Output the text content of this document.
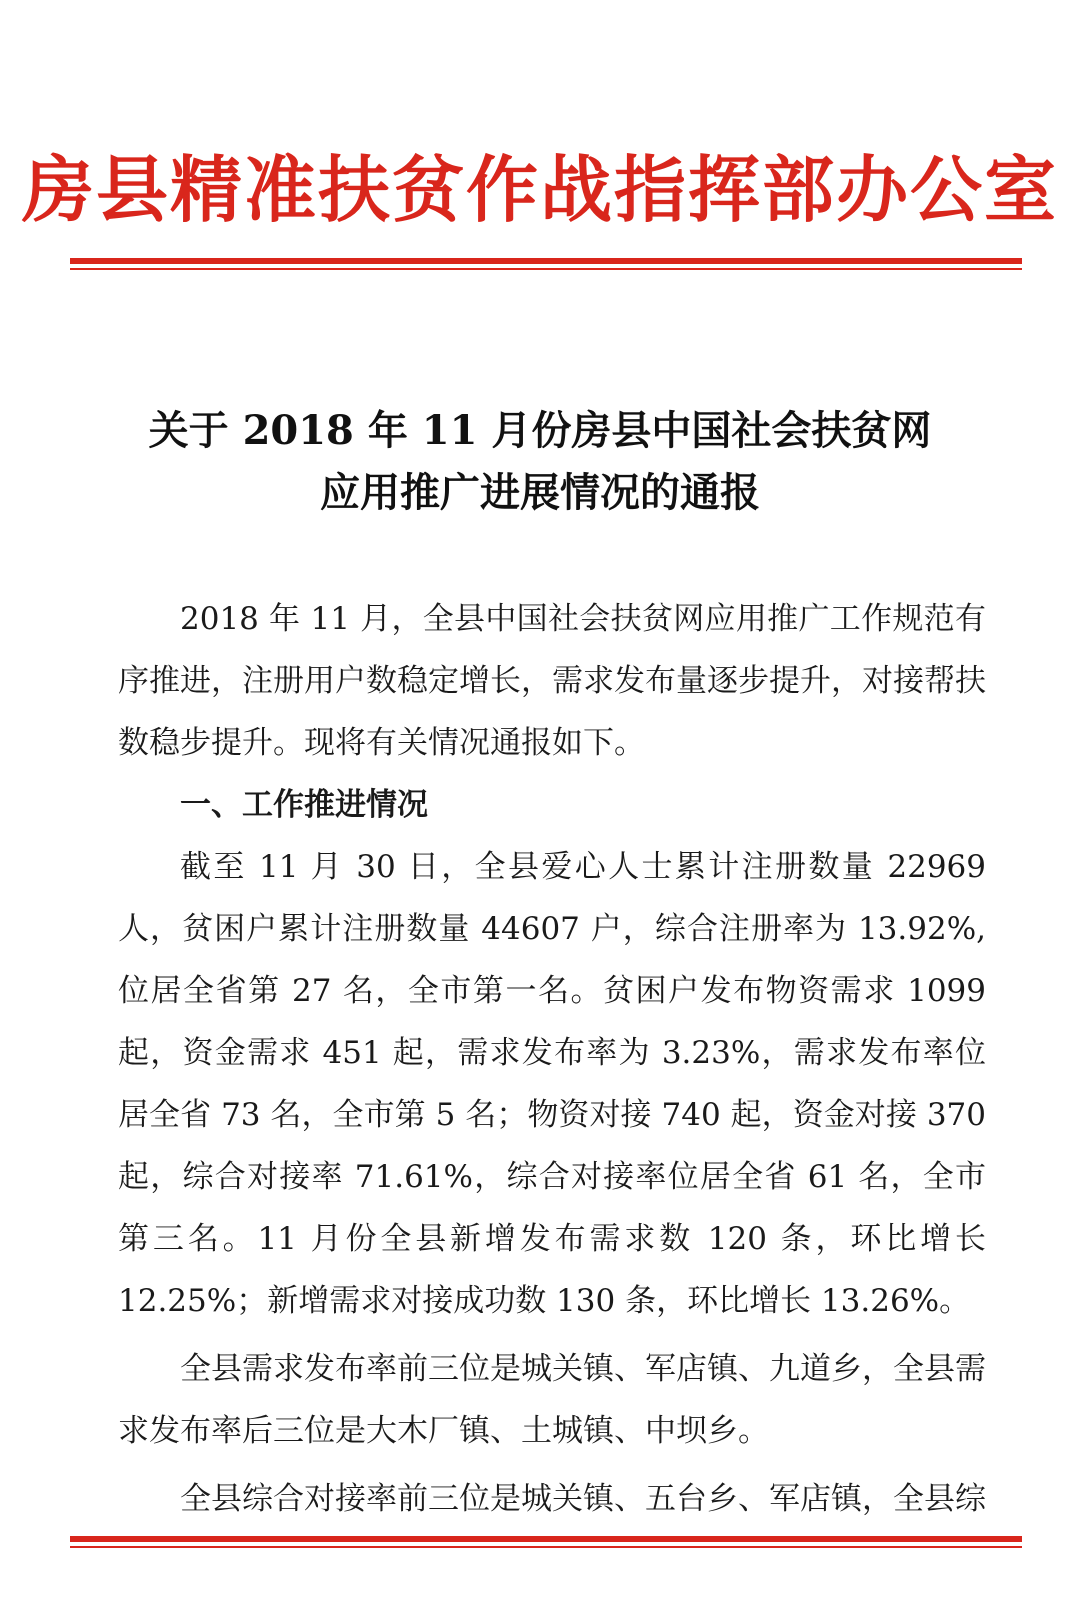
房县精准扶贫作战指挥部办公室
关于 2018 年 11 月份房县中国社会扶贫网
应用推广进展情况的通报

2018 年 11 月，全县中国社会扶贫网应用推广工作规范有序推进，注册用户数稳定增长，需求发布量逐步提升，对接帮扶数稳步提升。现将有关情况通报如下。

一、工作推进情况

截至 11 月 30 日，全县爱心人士累计注册数量 22969 人，贫困户累计注册数量 44607 户，综合注册率为 13.92%,位居全省第 27 名，全市第一名。贫困户发布物资需求 1099 起，资金需求 451 起，需求发布率为 3.23%，需求发布率位居全省 73 名，全市第 5 名；物资对接 740 起，资金对接 370 起，综合对接率 71.61%，综合对接率位居全省 61 名，全市第三名。11 月份全县新增发布需求数 120 条，环比增长 12.25%；新增需求对接成功数 130 条，环比增长 13.26%。

全县需求发布率前三位是城关镇、军店镇、九道乡，全县需求发布率后三位是大木厂镇、土城镇、中坝乡。

全县综合对接率前三位是城关镇、五台乡、军店镇，全县综
